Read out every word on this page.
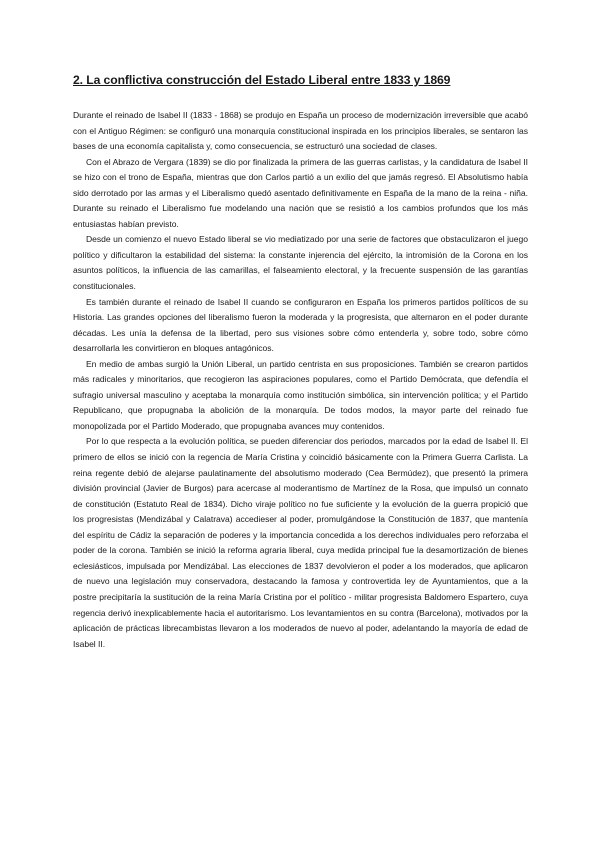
2. La conflictiva construcción del Estado Liberal entre 1833 y 1869

Durante el reinado de Isabel II (1833 - 1868) se produjo en España un proceso de modernización irreversible que acabó con el Antiguo Régimen: se configuró una monarquía constitucional inspirada en los principios liberales, se sentaron las bases de una economía capitalista y, como consecuencia, se estructuró una sociedad de clases.

Con el Abrazo de Vergara (1839) se dio por finalizada la primera de las guerras carlistas, y la candidatura de Isabel II se hizo con el trono de España, mientras que don Carlos partió a un exilio del que jamás regresó. El Absolutismo había sido derrotado por las armas y el Liberalismo quedó asentado definitivamente en España de la mano de la reina - niña. Durante su reinado el Liberalismo fue modelando una nación que se resistió a los cambios profundos que los más entusiastas habían previsto.

Desde un comienzo el nuevo Estado liberal se vio mediatizado por una serie de factores que obstaculizaron el juego político y dificultaron la estabilidad del sistema: la constante injerencia del ejército, la intromisión de la Corona en los asuntos políticos, la influencia de las camarillas, el falseamiento electoral, y la frecuente suspensión de las garantías constitucionales.

Es también durante el reinado de Isabel II cuando se configuraron en España los primeros partidos políticos de su Historia. Las grandes opciones del liberalismo fueron la moderada y la progresista, que alternaron en el poder durante décadas. Les unía la defensa de la libertad, pero sus visiones sobre cómo entenderla y, sobre todo, sobre cómo desarrollarla les convirtieron en bloques antagónicos.

En medio de ambas surgió la Unión Liberal, un partido centrista en sus proposiciones. También se crearon partidos más radicales y minoritarios, que recogieron las aspiraciones populares, como el Partido Demócrata, que defendía el sufragio universal masculino y aceptaba la monarquía como institución simbólica, sin intervención política; y el Partido Republicano, que propugnaba la abolición de la monarquía. De todos modos, la mayor parte del reinado fue monopolizada por el Partido Moderado, que propugnaba avances muy contenidos.

Por lo que respecta a la evolución política, se pueden diferenciar dos periodos, marcados por la edad de Isabel II. El primero de ellos se inició con la regencia de María Cristina y coincidió básicamente con la Primera Guerra Carlista. La reina regente debió de alejarse paulatinamente del absolutismo moderado (Cea Bermúdez), que presentó la primera división provincial (Javier de Burgos) para acercase al moderantismo de Martínez de la Rosa, que impulsó un connato de constitución (Estatuto Real de 1834). Dicho viraje político no fue suficiente y la evolución de la guerra propició que los progresistas (Mendizábal y Calatrava) accedieser al poder, promulgándose la Constitución de 1837, que mantenía del espíritu de Cádiz la separación de poderes y la importancia concedida a los derechos individuales pero reforzaba el poder de la corona. También se inició la reforma agraria liberal, cuya medida principal fue la desamortización de bienes eclesiásticos, impulsada por Mendizábal. Las elecciones de 1837 devolvieron el poder a los moderados, que aplicaron de nuevo una legislación muy conservadora, destacando la famosa y controvertida ley de Ayuntamientos, que a la postre precipitaría la sustitución de la reina María Cristina por el político - militar progresista Baldomero Espartero, cuya regencia derivó inexplicablemente hacia el autoritarismo. Los levantamientos en su contra (Barcelona), motivados por la aplicación de prácticas librecambistas llevaron a los moderados de nuevo al poder, adelantando la mayoría de edad de Isabel II.
